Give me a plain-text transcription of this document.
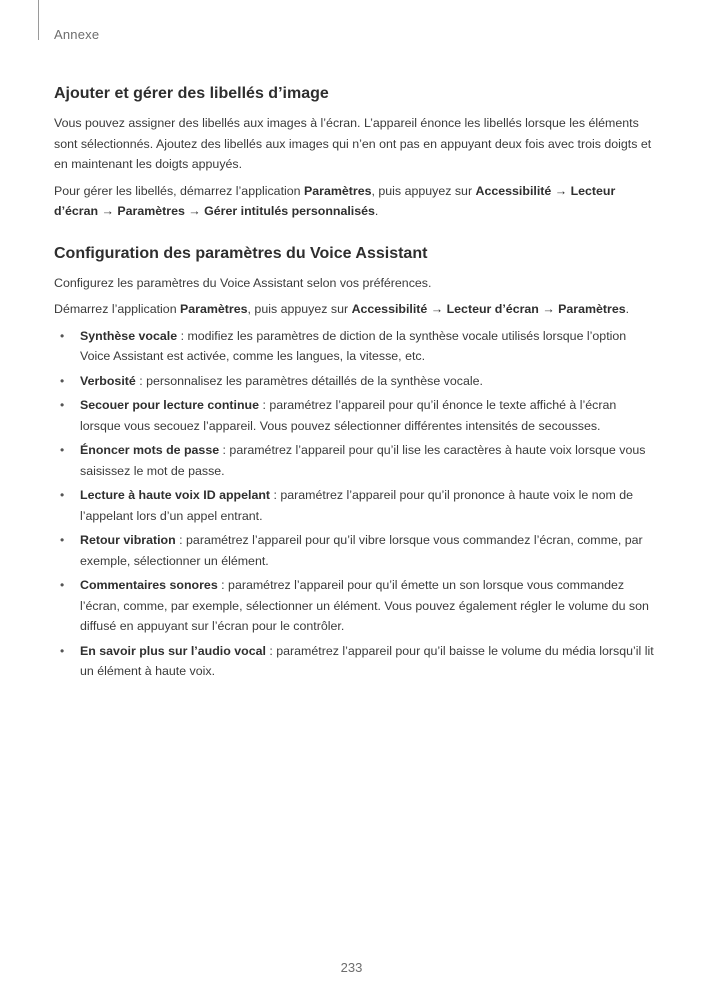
Annexe
Ajouter et gérer des libellés d’image

Vous pouvez assigner des libellés aux images à l’écran. L’appareil énonce les libellés lorsque les éléments sont sélectionnés. Ajoutez des libellés aux images qui n’en ont pas en appuyant deux fois avec trois doigts et en maintenant les doigts appuyés.

Pour gérer les libellés, démarrez l’application Paramètres, puis appuyez sur Accessibilité → Lecteur d’écran → Paramètres → Gérer intitulés personnalisés.

Configuration des paramètres du Voice Assistant

Configurez les paramètres du Voice Assistant selon vos préférences.

Démarrez l’application Paramètres, puis appuyez sur Accessibilité → Lecteur d’écran → Paramètres.

• Synthèse vocale : modifiez les paramètres de diction de la synthèse vocale utilisés lorsque l’option Voice Assistant est activée, comme les langues, la vitesse, etc.
• Verbosité : personnalisez les paramètres détaillés de la synthèse vocale.
• Secouer pour lecture continue : paramétrez l’appareil pour qu’il énonce le texte affiché à l’écran lorsque vous secouez l’appareil. Vous pouvez sélectionner différentes intensités de secousses.
• Énoncer mots de passe : paramétrez l’appareil pour qu’il lise les caractères à haute voix lorsque vous saisissez le mot de passe.
• Lecture à haute voix ID appelant : paramétrez l’appareil pour qu’il prononce à haute voix le nom de l’appelant lors d’un appel entrant.
• Retour vibration : paramétrez l’appareil pour qu’il vibre lorsque vous commandez l’écran, comme, par exemple, sélectionner un élément.
• Commentaires sonores : paramétrez l’appareil pour qu’il émette un son lorsque vous commandez l’écran, comme, par exemple, sélectionner un élément. Vous pouvez également régler le volume du son diffusé en appuyant sur l’écran pour le contrôler.
• En savoir plus sur l’audio vocal : paramétrez l’appareil pour qu’il baisse le volume du média lorsqu’il lit un élément à haute voix.
233
